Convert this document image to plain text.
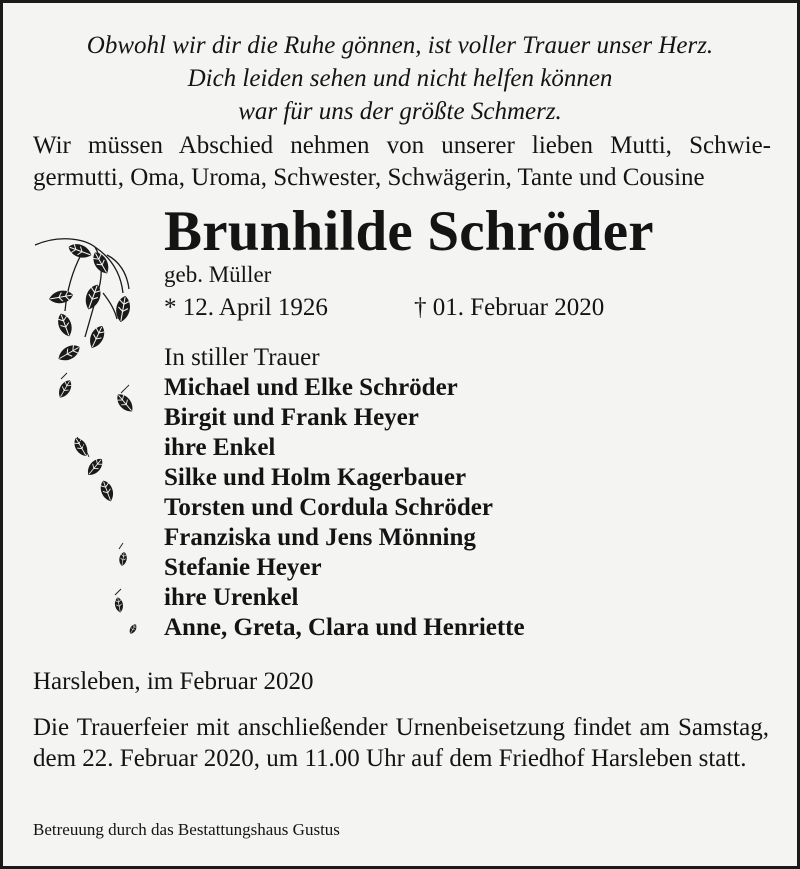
Obwohl wir dir die Ruhe gönnen, ist voller Trauer unser Herz.
Dich leiden sehen und nicht helfen können
war für uns der größte Schmerz.
Wir müssen Abschied nehmen von unserer lieben Mutti, Schwie-
germutti, Oma, Uroma, Schwester, Schwägerin, Tante und Cousine
Brunhilde Schröder
geb. Müller
* 12. April 1926	† 01. Februar 2020
In stiller Trauer
Michael und Elke Schröder
Birgit und Frank Heyer
ihre Enkel
Silke und Holm Kagerbauer
Torsten und Cordula Schröder
Franziska und Jens Mönning
Stefanie Heyer
ihre Urenkel
Anne, Greta, Clara und Henriette
Harsleben, im Februar 2020
Die Trauerfeier mit anschließender Urnenbeisetzung findet am Samstag, dem 22. Februar 2020, um 11.00 Uhr auf dem Friedhof Harsleben statt.
Betreuung durch das Bestattungshaus Gustus
